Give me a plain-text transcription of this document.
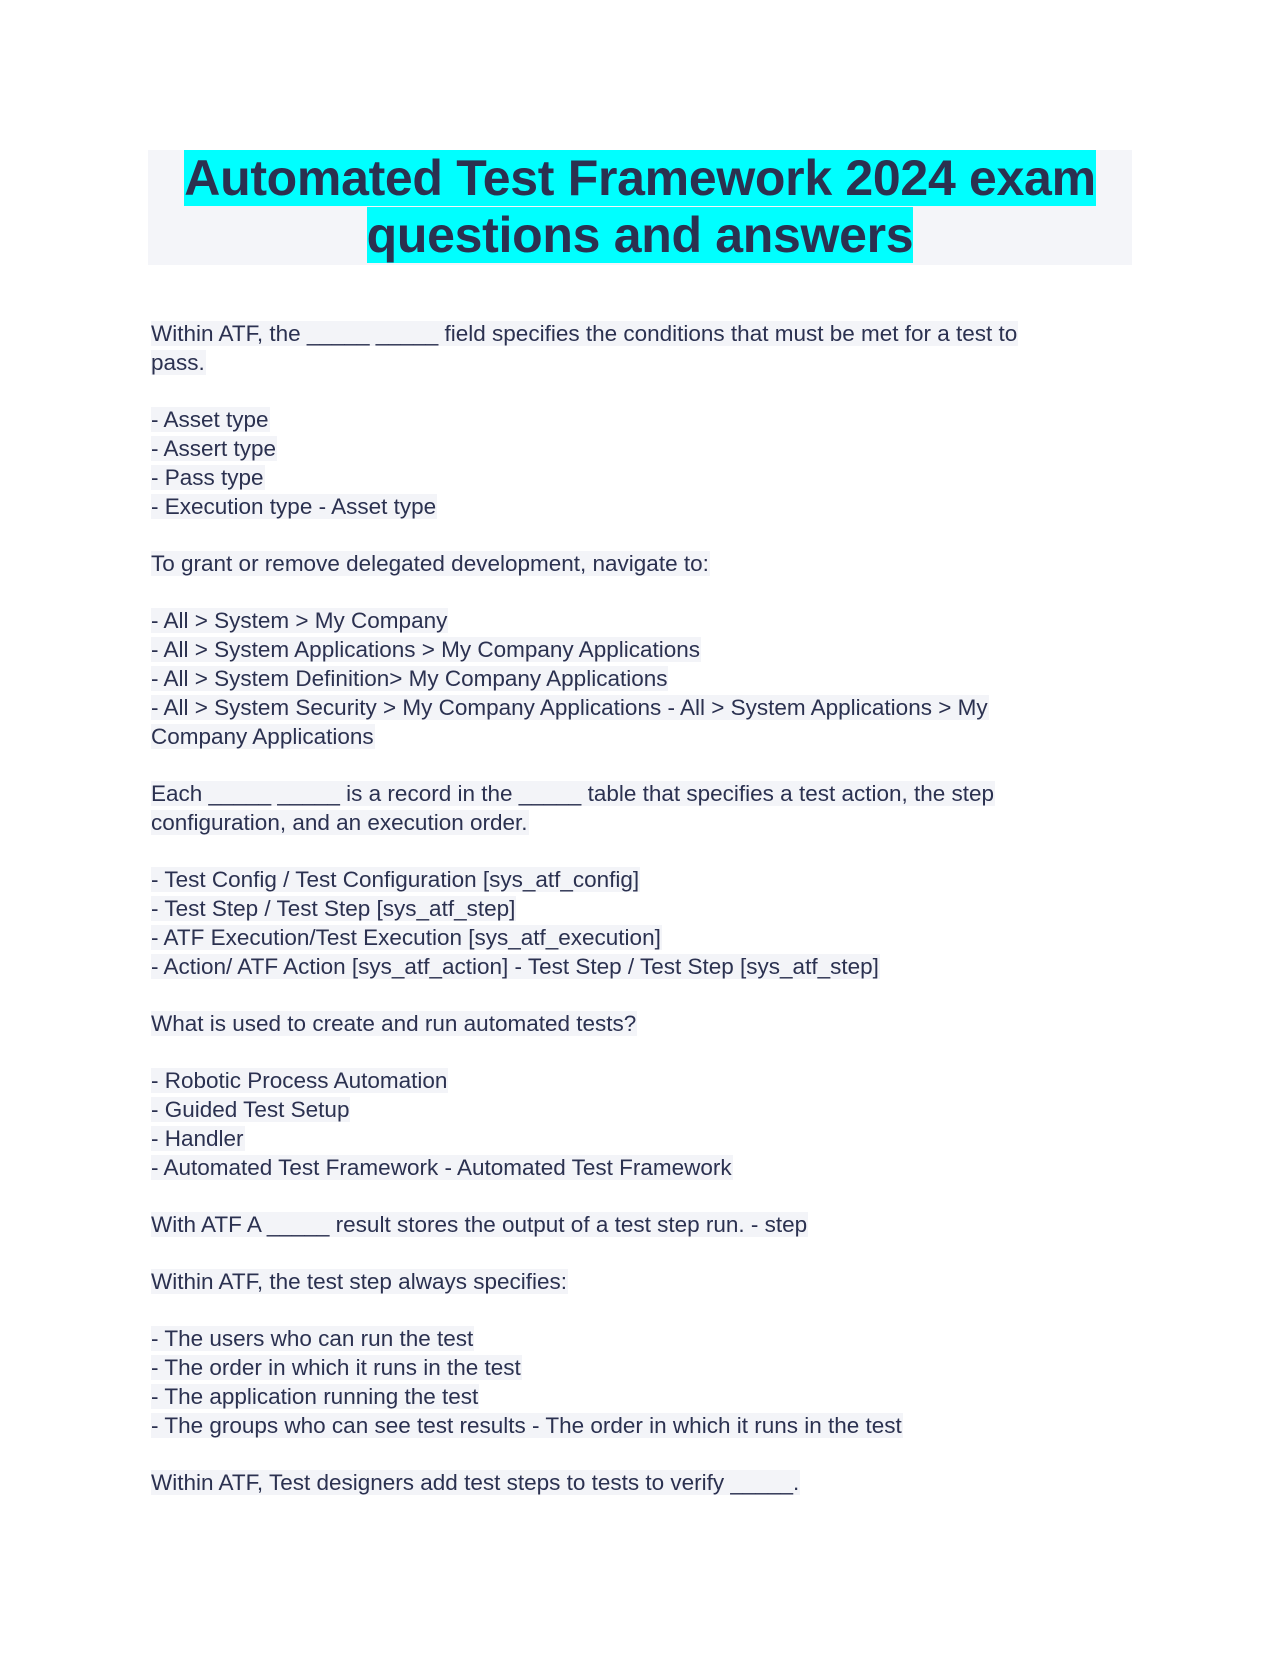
Automated Test Framework 2024 exam
questions and answers
Within ATF, the _____ _____ field specifies the conditions that must be met for a test to
pass.
- Asset type
- Assert type
- Pass type
- Execution type - Asset type
To grant or remove delegated development, navigate to:
- All > System > My Company
- All > System Applications > My Company Applications
- All > System Definition> My Company Applications
- All > System Security > My Company Applications - All > System Applications > My
Company Applications
Each _____ _____ is a record in the _____ table that specifies a test action, the step
configuration, and an execution order.
- Test Config / Test Configuration [sys_atf_config]
- Test Step / Test Step [sys_atf_step]
- ATF Execution/Test Execution [sys_atf_execution]
- Action/ ATF Action [sys_atf_action] - Test Step / Test Step [sys_atf_step]
What is used to create and run automated tests?
- Robotic Process Automation
- Guided Test Setup
- Handler
- Automated Test Framework - Automated Test Framework
With ATF A _____ result stores the output of a test step run. - step
Within ATF, the test step always specifies:
- The users who can run the test
- The order in which it runs in the test
- The application running the test
- The groups who can see test results - The order in which it runs in the test
Within ATF, Test designers add test steps to tests to verify _____.
